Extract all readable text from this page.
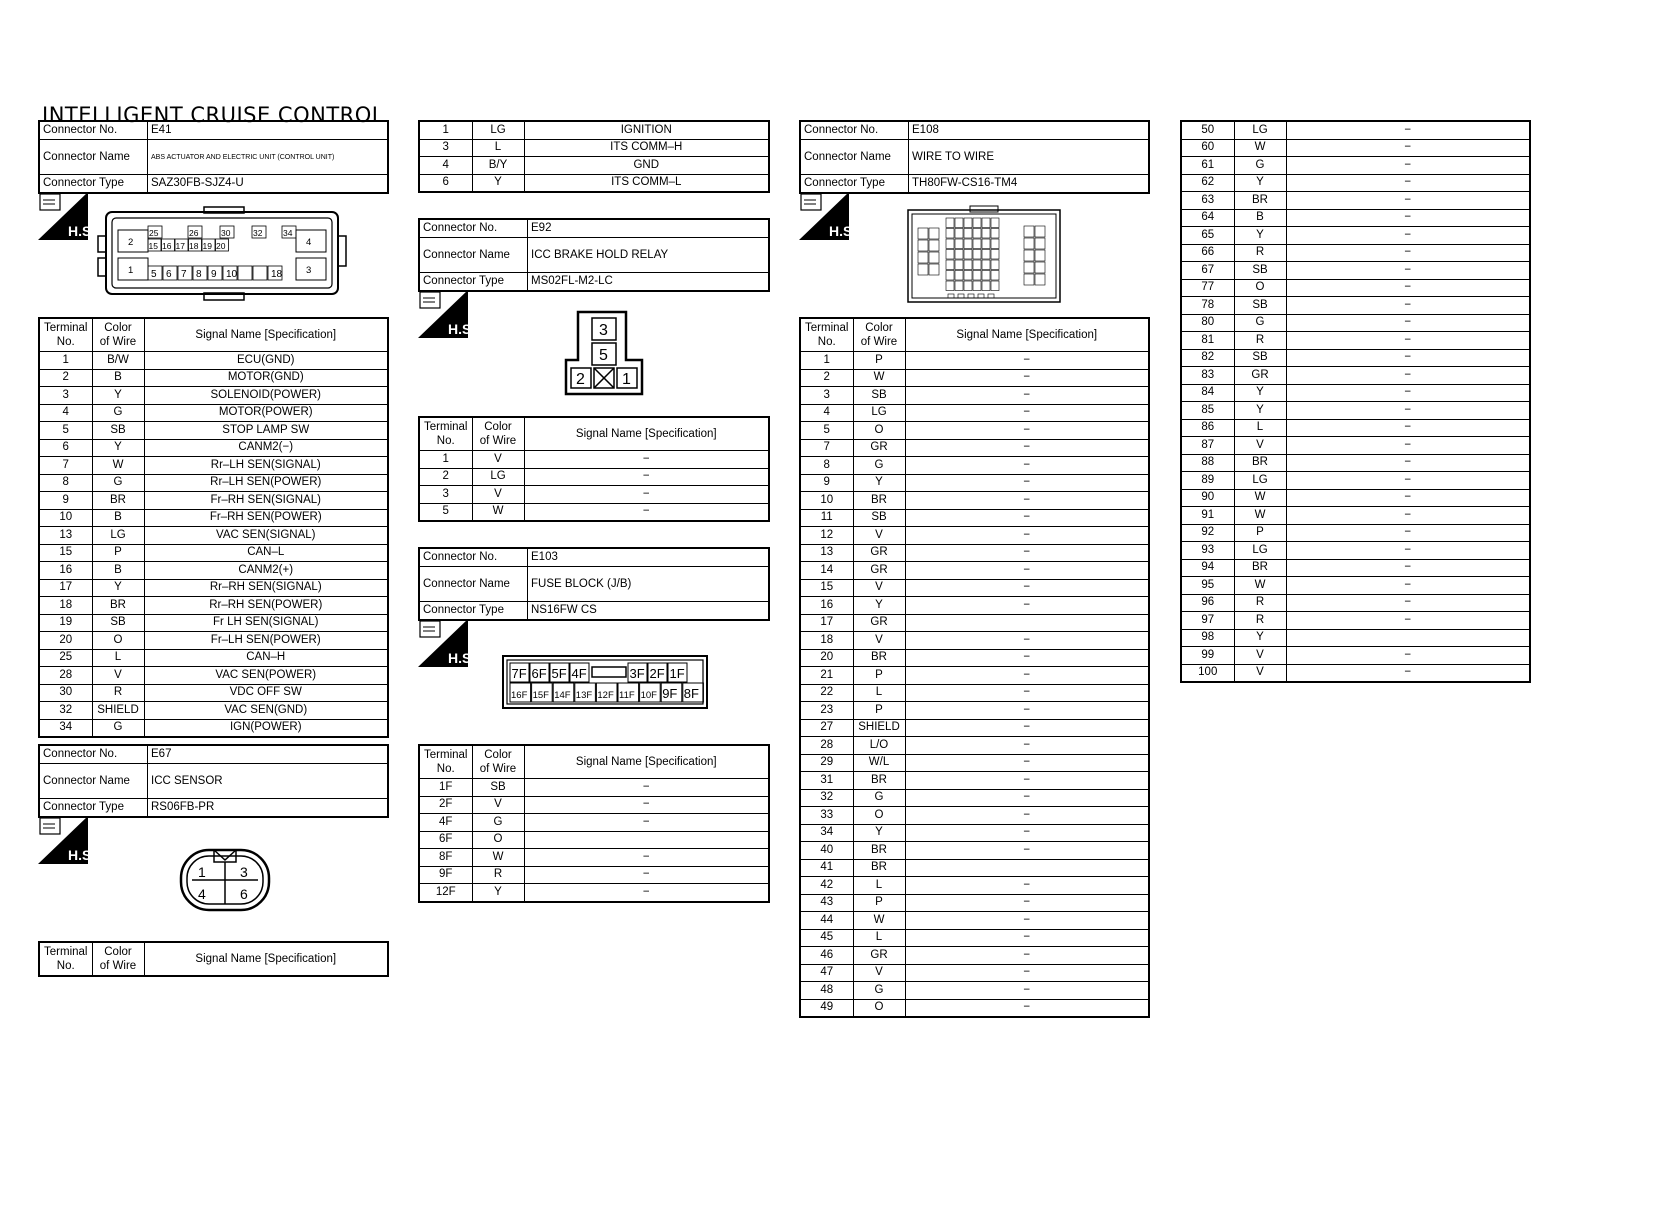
INTELLIGENT CRUISE CONTROL
Connector No.	E41
Connector Name	ABS ACTUATOR AND ELECTRIC UNIT (CONTROL UNIT)
Connector Type	SAZ30FB-SJZ4-U
H.S.
2
1
4
3
25	26	30	32 34
15 16 17 18 19 20
5 6 7 8 9 10	18
Terminal
No.	Color
of Wire	Signal Name [Specification]
1	B/W	ECU(GND)
2	B	MOTOR(GND)
3	Y	SOLENOID(POWER)
4	G	MOTOR(POWER)
5	SB	STOP LAMP SW
6	Y	CANM2(−)
7	W	Rr–LH SEN(SIGNAL)
8	G	Rr–LH SEN(POWER)
9	BR	Fr–RH SEN(SIGNAL)
10	B	Fr–RH SEN(POWER)
13	LG	VAC SEN(SIGNAL)
15	P	CAN–L
16	B	CANM2(+)
17	Y	Rr–RH SEN(SIGNAL)
18	BR	Rr–RH SEN(POWER)
19	SB	Fr LH SEN(SIGNAL)
20	O	Fr–LH SEN(POWER)
25	L	CAN–H
28	V	VAC SEN(POWER)
30	R	VDC OFF SW
32	SHIELD	VAC SEN(GND)
34	G	IGN(POWER)
Connector No.	E67
Connector Name	ICC SENSOR
Connector Type	RS06FB-PR
H.S.
1 3
4 6
Terminal
No.	Color
of Wire	Signal Name [Specification]
1	LG	IGNITION
3	L	ITS COMM–H
4	B/Y	GND
6	Y	ITS COMM–L
Connector No.	E92
Connector Name	ICC BRAKE HOLD RELAY
Connector Type	MS02FL-M2-LC
H.S.	3
5
2 1
Terminal
No.	Color
of Wire	Signal Name [Specification]
1	V	−
2	LG	−
3	V	−
5	W	−
Connector No.	E103
Connector Name	FUSE BLOCK (J/B)
Connector Type	NS16FW CS
H.S.
7F 6F 5F 4F	3F 2F 1F
16F 15F 14F 13F 12F 11F 10F 9F 8F
Terminal
No.	Color
of Wire	Signal Name [Specification]
1F	SB	−
2F	V	−
4F	G	−
6F	O	
8F	W	−
9F	R	−
12F	Y	−
Connector No.	E108
Connector Name	WIRE TO WIRE
Connector Type	TH80FW-CS16-TM4
H.S.
Terminal
No.	Color
of Wire	Signal Name [Specification]
1	P	−
2	W	−
3	SB	−
4	LG	−
5	O	−
7	GR	−
8	G	−
9	Y	−
10	BR	−
11	SB	−
12	V	−
13	GR	−
14	GR	−
15	V	−
16	Y	−
17	GR	
18	V	−
20	BR	−
21	P	−
22	L	−
23	P	−
27	SHIELD	−
28	L/O	−
29	W/L	−
31	BR	−
32	G	−
33	O	−
34	Y	−
40	BR	−
41	BR	
42	L	−
43	P	−
44	W	−
45	L	−
46	GR	−
47	V	−
48	G	−
49	O	−
50	LG	−
60	W	−
61	G	−
62	Y	−
63	BR	−
64	B	−
65	Y	−
66	R	−
67	SB	−
77	O	−
78	SB	−
80	G	−
81	R	−
82	SB	−
83	GR	−
84	Y	−
85	Y	−
86	L	−
87	V	−
88	BR	−
89	LG	−
90	W	−
91	W	−
92	P	−
93	LG	−
94	BR	−
95	W	−
96	R	−
97	R	−
98	Y	
99	V	−
100	V	−
